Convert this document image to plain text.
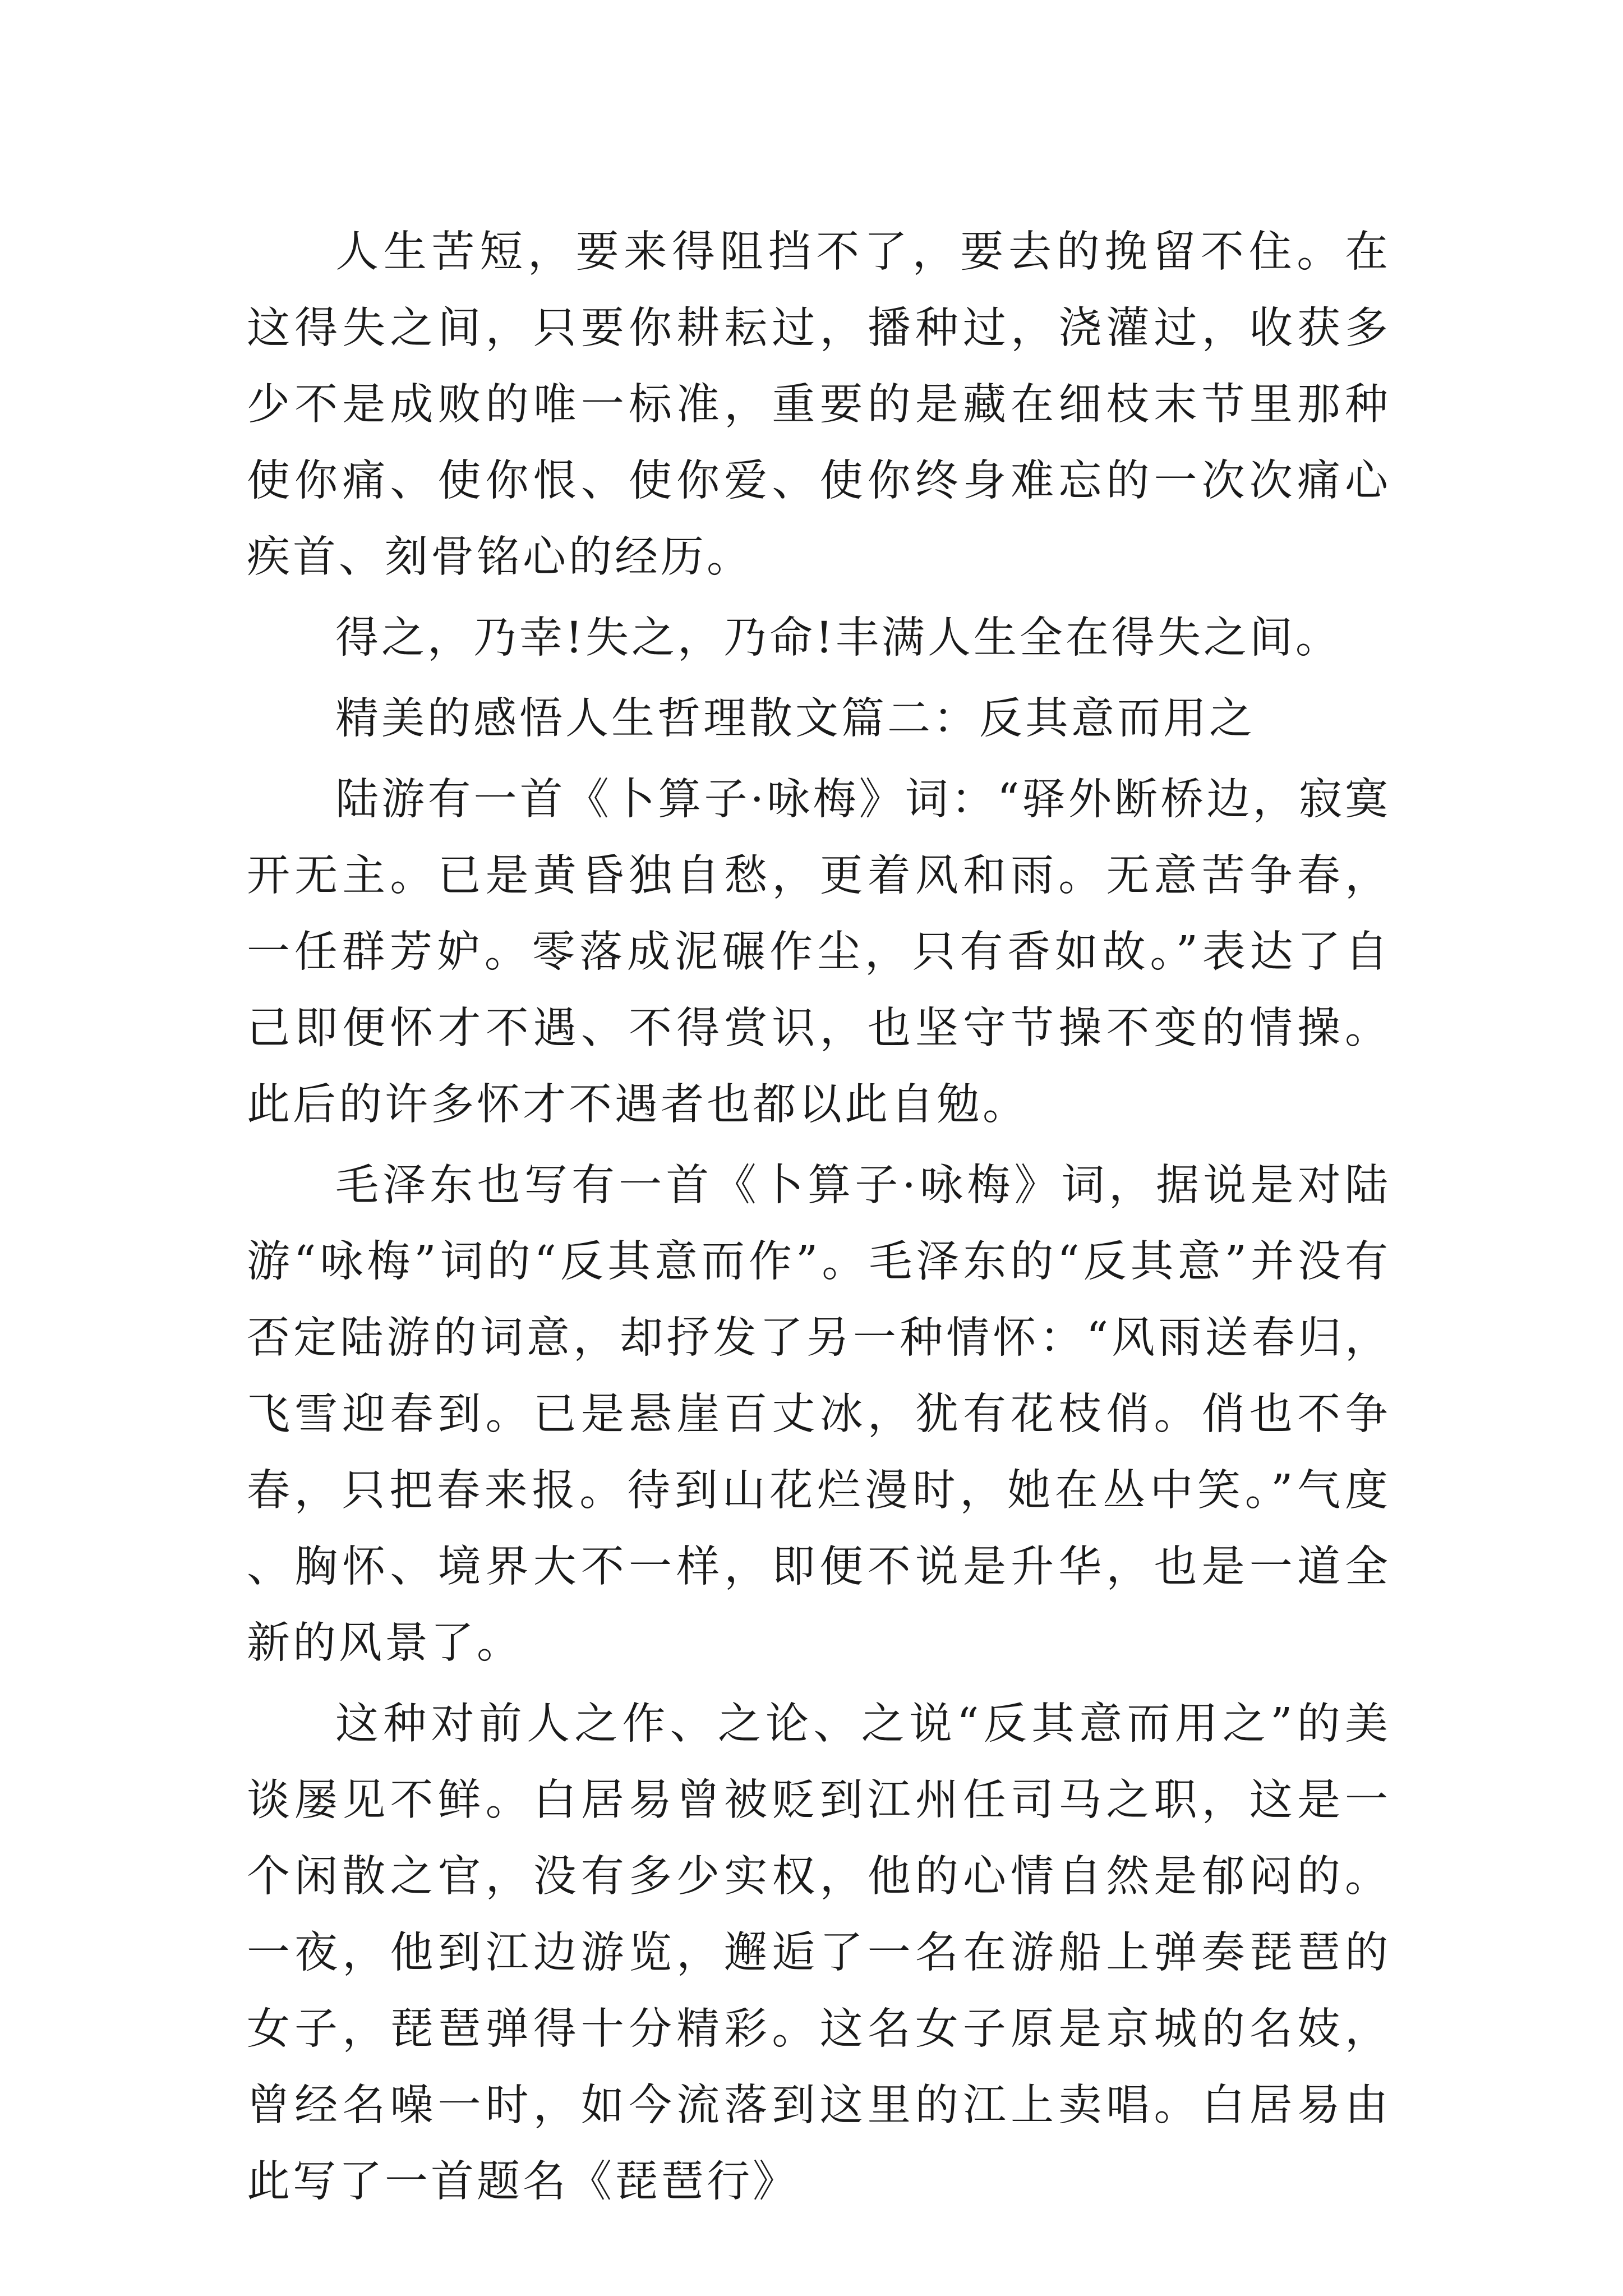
人生苦短，要来得阻挡不了，要去的挽留不住。在这得失之间，只要你耕耘过，播种过，浇灌过，收获多少不是成败的唯一标准，重要的是藏在细枝末节里那种使你痛、使你恨、使你爱、使你终身难忘的一次次痛心疾首、刻骨铭心的经历。

得之，乃幸!失之，乃命!丰满人生全在得失之间。

精美的感悟人生哲理散文篇二：反其意而用之

陆游有一首《卜算子·咏梅》词：“驿外断桥边，寂寞开无主。已是黄昏独自愁，更着风和雨。无意苦争春，一任群芳妒。零落成泥碾作尘，只有香如故。”表达了自己即便怀才不遇、不得赏识，也坚守节操不变的情操。此后的许多怀才不遇者也都以此自勉。

毛泽东也写有一首《卜算子·咏梅》词，据说是对陆游“咏梅”词的“反其意而作”。毛泽东的“反其意”并没有否定陆游的词意，却抒发了另一种情怀：“风雨送春归，飞雪迎春到。已是悬崖百丈冰，犹有花枝俏。俏也不争春，只把春来报。待到山花烂漫时，她在丛中笑。”气度、胸怀、境界大不一样，即便不说是升华，也是一道全新的风景了。

这种对前人之作、之论、之说“反其意而用之”的美谈屡见不鲜。白居易曾被贬到江州任司马之职，这是一个闲散之官，没有多少实权，他的心情自然是郁闷的。一夜，他到江边游览，邂逅了一名在游船上弹奏琵琶的女子，琵琶弹得十分精彩。这名女子原是京城的名妓，曾经名噪一时，如今流落到这里的江上卖唱。白居易由此写了一首题名《琵琶行》
